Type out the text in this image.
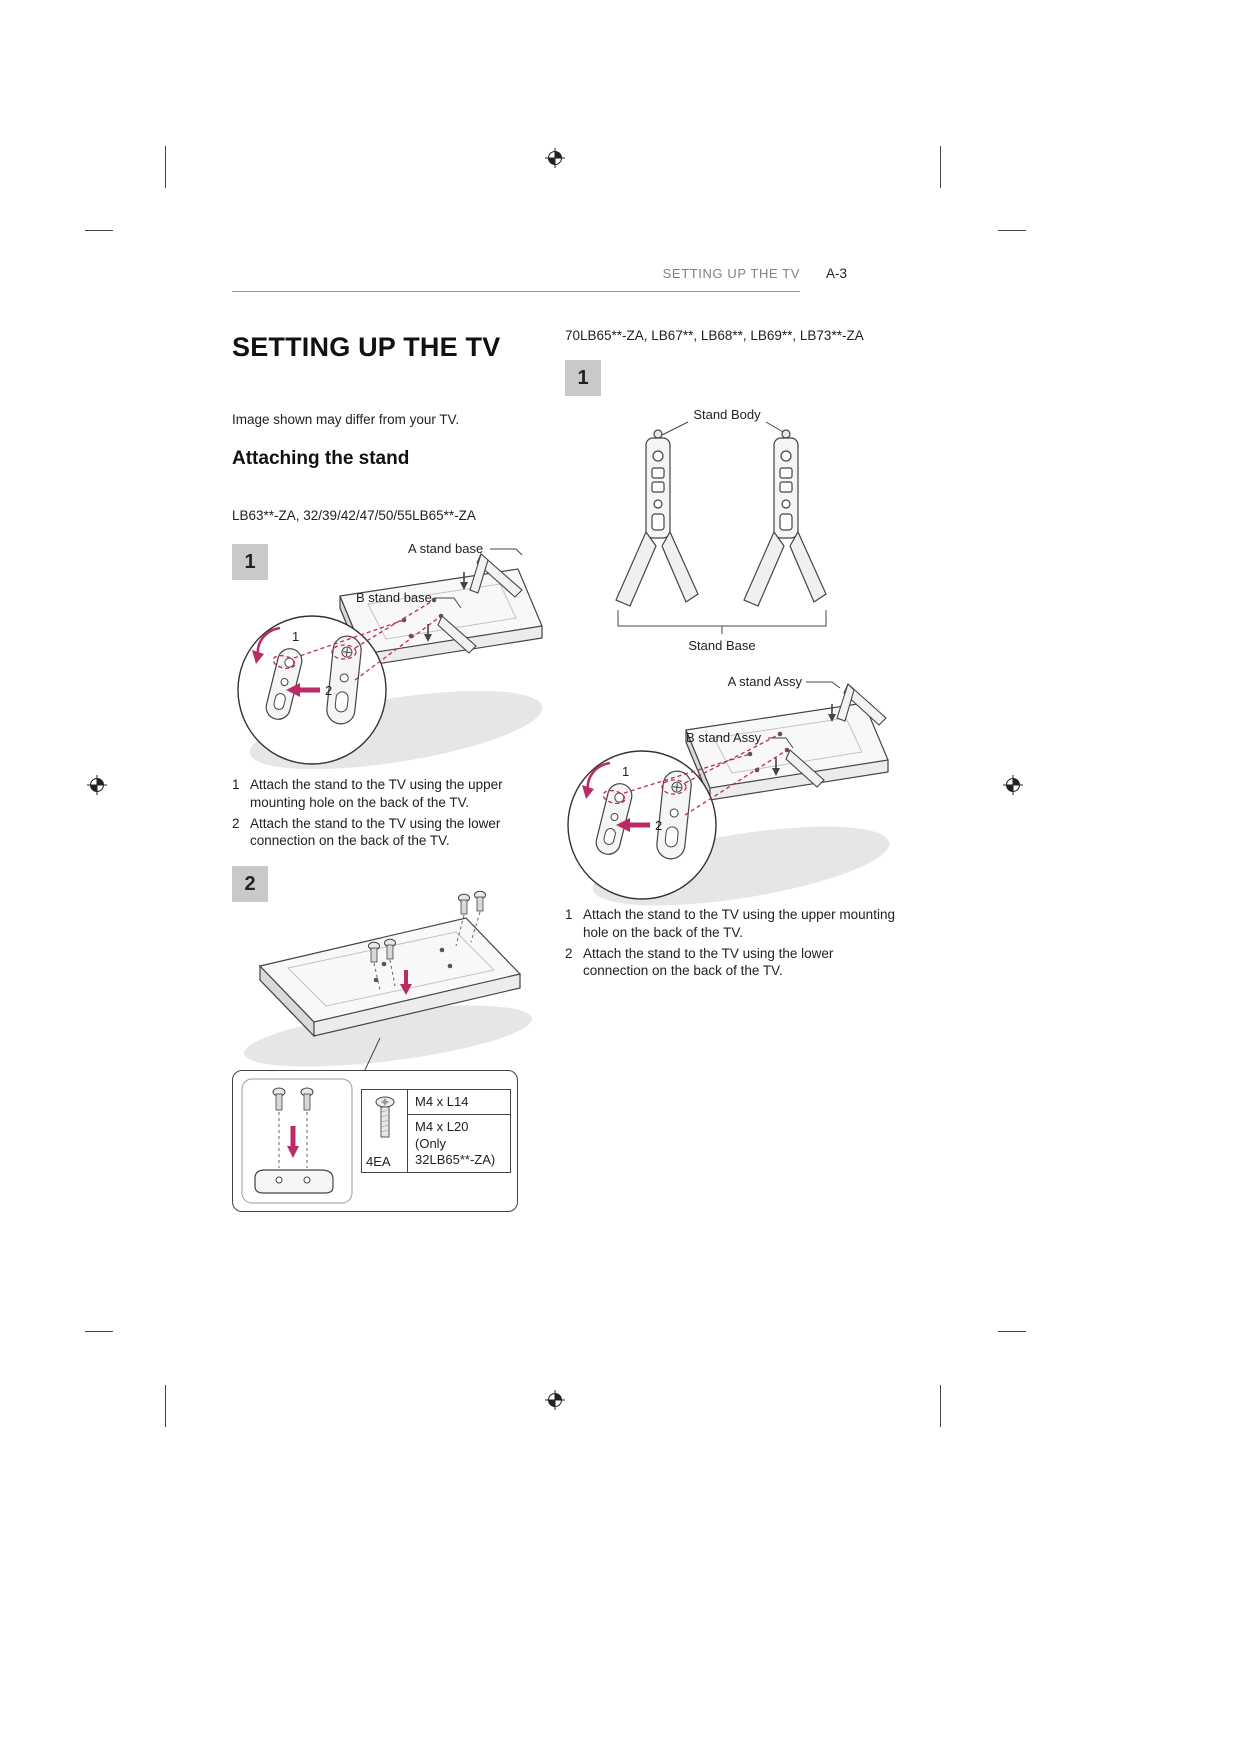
SETTING UP THE TV A-3
SETTING UP THE TV
Image shown may differ from your TV.
Attaching the stand
LB63**-ZA, 32/39/42/47/50/55LB65**-ZA
1
A stand base
B stand base
1
2
1 Attach the stand to the TV using the upper mounting hole on the back of the TV.
2 Attach the stand to the TV using the lower connection on the back of the TV.
2
4EA
M4 x L14
M4 x L20
(Only 32LB65**-ZA)
70LB65**-ZA, LB67**, LB68**, LB69**, LB73**-ZA
1
Stand Body
Stand Base
A stand Assy
B stand Assy
1
2
1 Attach the stand to the TV using the upper mounting hole on the back of the TV.
2 Attach the stand to the TV using the lower connection on the back of the TV.
